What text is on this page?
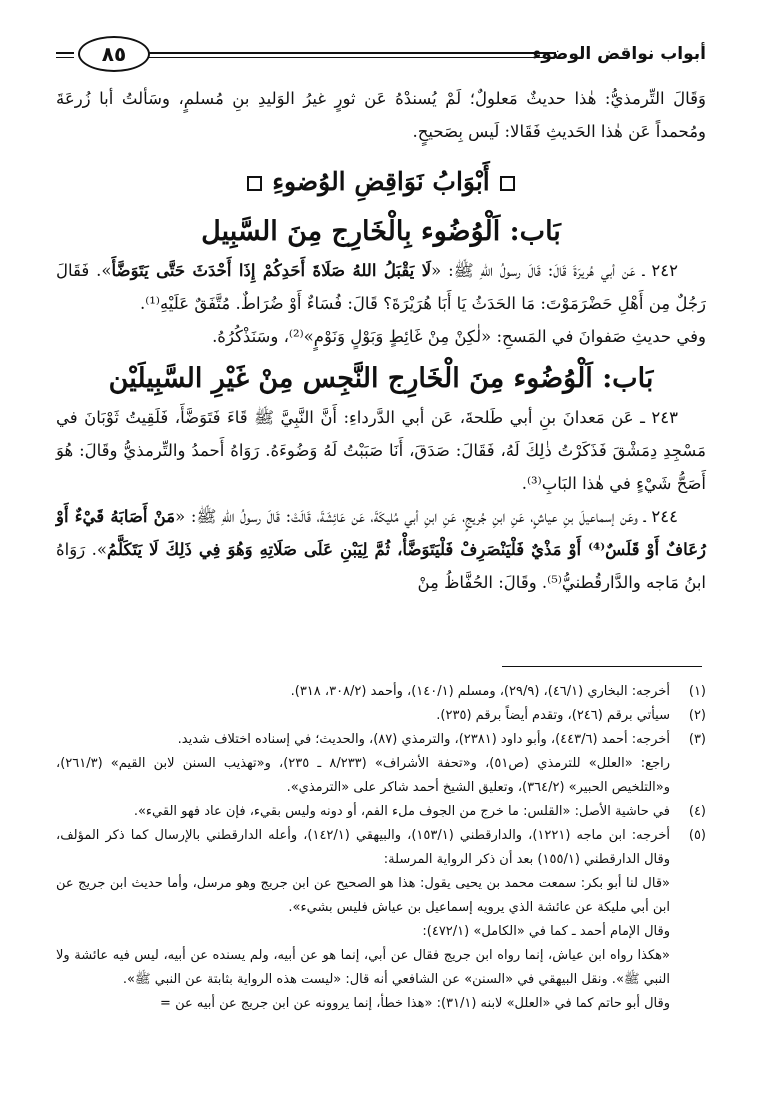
أبواب نواقض الوضوء
٨٥

وَقَالَ التِّرمذيُّ: هٰذا حديثٌ مَعلولٌ؛ لَمْ يُسندْهُ عَن ثورٍ غيرُ الوَليدِ بنِ مُسلمٍ، وسَألتُ أبا زُرعَةَ ومُحمداً عَن هٰذا الحَديثِ فَقَالا: لَيس بِصَحيحٍ.

أَبْوَابُ نَوَاقِضِ الوُضوءِ
بَاب: اَلْوُضُوء بِالْخَارِج مِنَ السَّبِيل

٢٤٢ ـ عَن أبي هُريرَةَ قَالَ: قَالَ رسولُ اللهِ ﷺ: «لَا يَقْبَلُ اللهُ صَلَاةَ أَحَدِكُمْ إِذَا أَحْدَثَ حَتَّى يَتَوَضَّأَ». فَقَالَ رَجُلٌ مِن أَهْلِ حَضْرَمَوْتَ: مَا الحَدَثُ يَا أَبَا هُرَيْرَةَ؟ قَالَ: فُسَاءٌ أَوْ ضُرَاطٌ. مُتَّفَقٌ عَلَيْهِ⁽¹⁾.

وفي حديثِ صَفوانَ في المَسحِ: «لٰكِنْ مِنْ غَائِطٍ وَبَوْلٍ وَنَوْمٍ»⁽²⁾، وسَنَذْكُرُهُ.

بَاب: اَلْوُضُوء مِنَ الْخَارِج النَّجِس مِنْ غَيْرِ السَّبِيلَيْن

٢٤٣ ـ عَن مَعدانَ بنِ أبي طَلحةَ، عَن أبي الدَّرداءِ: أَنَّ النَّبِيَّ ﷺ قَاءَ فَتَوَضَّأَ، فَلَقِيتُ ثَوْبَانَ في مَسْجِدِ دِمَشْقَ فَذَكَرْتُ ذٰلِكَ لَهُ، فَقَالَ: صَدَقَ، أَنَا صَبَبْتُ لَهُ وَضُوءَهُ. رَوَاهُ أَحمدُ والتِّرمذيُّ وقَالَ: هُوَ أَصَحُّ شَيْءٍ في هٰذا البَابِ⁽³⁾.

٢٤٤ ـ وعَن إسماعيلَ بنِ عياشٍ، عَنِ ابنِ جُريجٍ، عَنِ ابنِ أبي مُليكَةَ، عَن عَائِشَةَ، قَالَتْ: قَالَ رسولُ اللهِ ﷺ: «مَنْ أَصَابَهُ قَيْءٌ أَوْ رُعَافٌ أَوْ قَلَسٌ⁽⁴⁾ أَوْ مَذْيٌ فَلْيَنْصَرِفْ فَلْيَتَوَضَّأْ، ثُمَّ لِيَبْنِ عَلَى صَلَاتِهِ وَهُوَ فِي ذَلِكَ لَا يَتَكَلَّمُ». رَوَاهُ ابنُ مَاجه والدَّارقُطنيُّ⁽⁵⁾. وقَالَ: الحُفَّاظُ مِنْ

(١)
أخرجه: البخاري (٤٦/١)، (٢٩/٩)، ومسلم (١٤٠/١)، وأحمد (٣٠٨/٢، ٣١٨).
(٢)
سيأتي برقم (٢٤٦)، وتقدم أيضاً برقم (٢٣٥).
(٣)
أخرجه: أحمد (٤٤٣/٦)، وأبو داود (٢٣٨١)، والترمذي (٨٧)، والحديث؛ في إسناده اختلاف شديد.

راجع: «العلل» للترمذي (ص٥١)، و«تحفة الأشراف» (٨/٢٣٣ ـ ٢٣٥)، و«تهذيب السنن لابن القيم» (٢٦١/٣)، و«التلخيص الحبير» (٣٦٤/٢)، وتعليق الشيخ أحمد شاكر على «الترمذي».

(٤)
في حاشية الأصل: «القلس: ما خرج من الجوف ملء الفم، أو دونه وليس بقيء، فإن عاد فهو القيء».
(٥)
أخرجه: ابن ماجه (١٢٢١)، والدارقطني (١٥٣/١)، والبيهقي (١٤٢/١)، وأعله الدارقطني بالإرسال كما ذكر المؤلف، وقال الدارقطني (١٥٥/١) بعد أن ذكر الرواية المرسلة:

«قال لنا أبو بكر: سمعت محمد بن يحيى يقول: هذا هو الصحيح عن ابن جريج وهو مرسل، وأما حديث ابن جريج عن ابن أبي مليكة عن عائشة الذي يرويه إسماعيل بن عياش فليس بشيء».

وقال الإمام أحمد ـ كما في «الكامل» (٤٧٢/١):

«هكذا رواه ابن عياش، إنما رواه ابن جريج فقال عن أبي، إنما هو عن أبيه، ولم يسنده عن أبيه، ليس فيه عائشة ولا النبي ﷺ». ونقل البيهقي في «السنن» عن الشافعي أنه قال: «ليست هذه الرواية بثابتة عن النبي ﷺ».

وقال أبو حاتم كما في «العلل» لابنه (٣١/١): «هذا خطأ، إنما يروونه عن ابن جريج عن أبيه عن =
